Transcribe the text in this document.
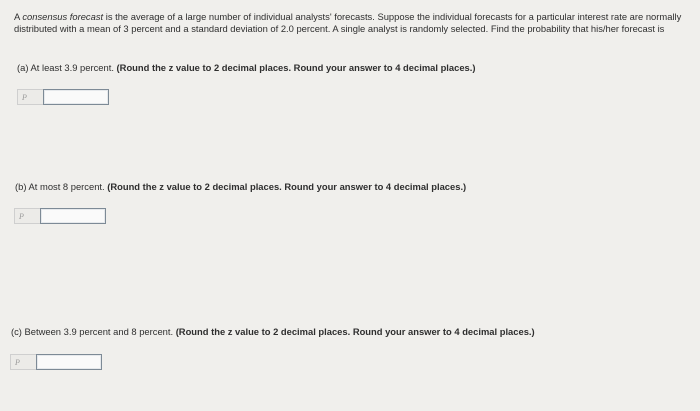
A consensus forecast is the average of a large number of individual analysts' forecasts. Suppose the individual forecasts for a particular interest rate are normally distributed with a mean of 3 percent and a standard deviation of 2.0 percent. A single analyst is randomly selected. Find the probability that his/her forecast is
(a) At least 3.9 percent. (Round the z value to 2 decimal places. Round your answer to 4 decimal places.)
P
(b) At most 8 percent. (Round the z value to 2 decimal places. Round your answer to 4 decimal places.)
P
(c) Between 3.9 percent and 8 percent. (Round the z value to 2 decimal places. Round your answer to 4 decimal places.)
P
